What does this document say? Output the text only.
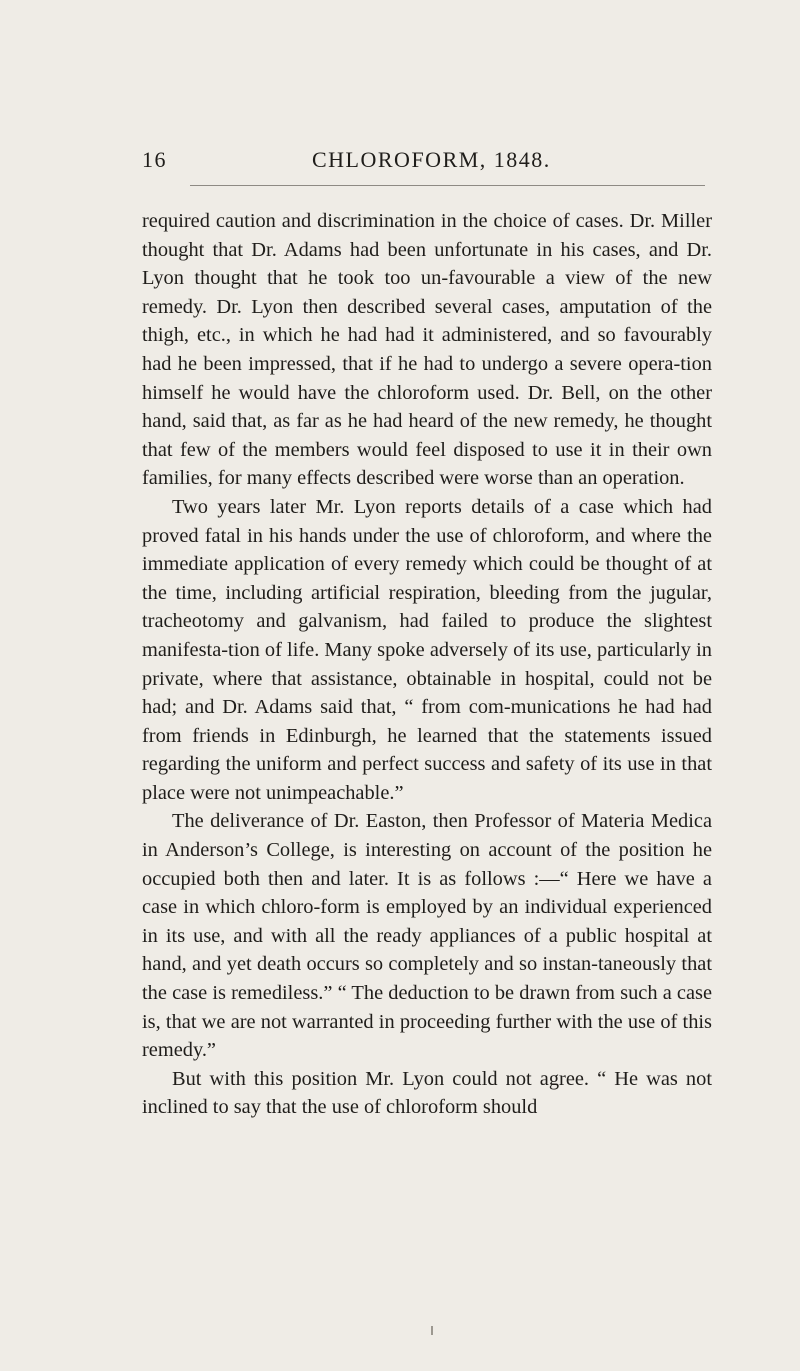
16	CHLOROFORM, 1848.

required caution and discrimination in the choice of cases. Dr. Miller thought that Dr. Adams had been unfortunate in his cases, and Dr. Lyon thought that he took too un-favourable a view of the new remedy. Dr. Lyon then described several cases, amputation of the thigh, etc., in which he had had it administered, and so favourably had he been impressed, that if he had to undergo a severe opera-tion himself he would have the chloroform used. Dr. Bell, on the other hand, said that, as far as he had heard of the new remedy, he thought that few of the members would feel disposed to use it in their own families, for many effects described were worse than an operation.

Two years later Mr. Lyon reports details of a case which had proved fatal in his hands under the use of chloroform, and where the immediate application of every remedy which could be thought of at the time, including artificial respiration, bleeding from the jugular, tracheotomy and galvanism, had failed to produce the slightest manifesta-tion of life. Many spoke adversely of its use, particularly in private, where that assistance, obtainable in hospital, could not be had; and Dr. Adams said that, “ from com-munications he had had from friends in Edinburgh, he learned that the statements issued regarding the uniform and perfect success and safety of its use in that place were not unimpeachable.”

The deliverance of Dr. Easton, then Professor of Materia Medica in Anderson’s College, is interesting on account of the position he occupied both then and later. It is as follows :—“ Here we have a case in which chloro-form is employed by an individual experienced in its use, and with all the ready appliances of a public hospital at hand, and yet death occurs so completely and so instan-taneously that the case is remediless.” “ The deduction to be drawn from such a case is, that we are not warranted in proceeding further with the use of this remedy.”

But with this position Mr. Lyon could not agree. “ He was not inclined to say that the use of chloroform should
